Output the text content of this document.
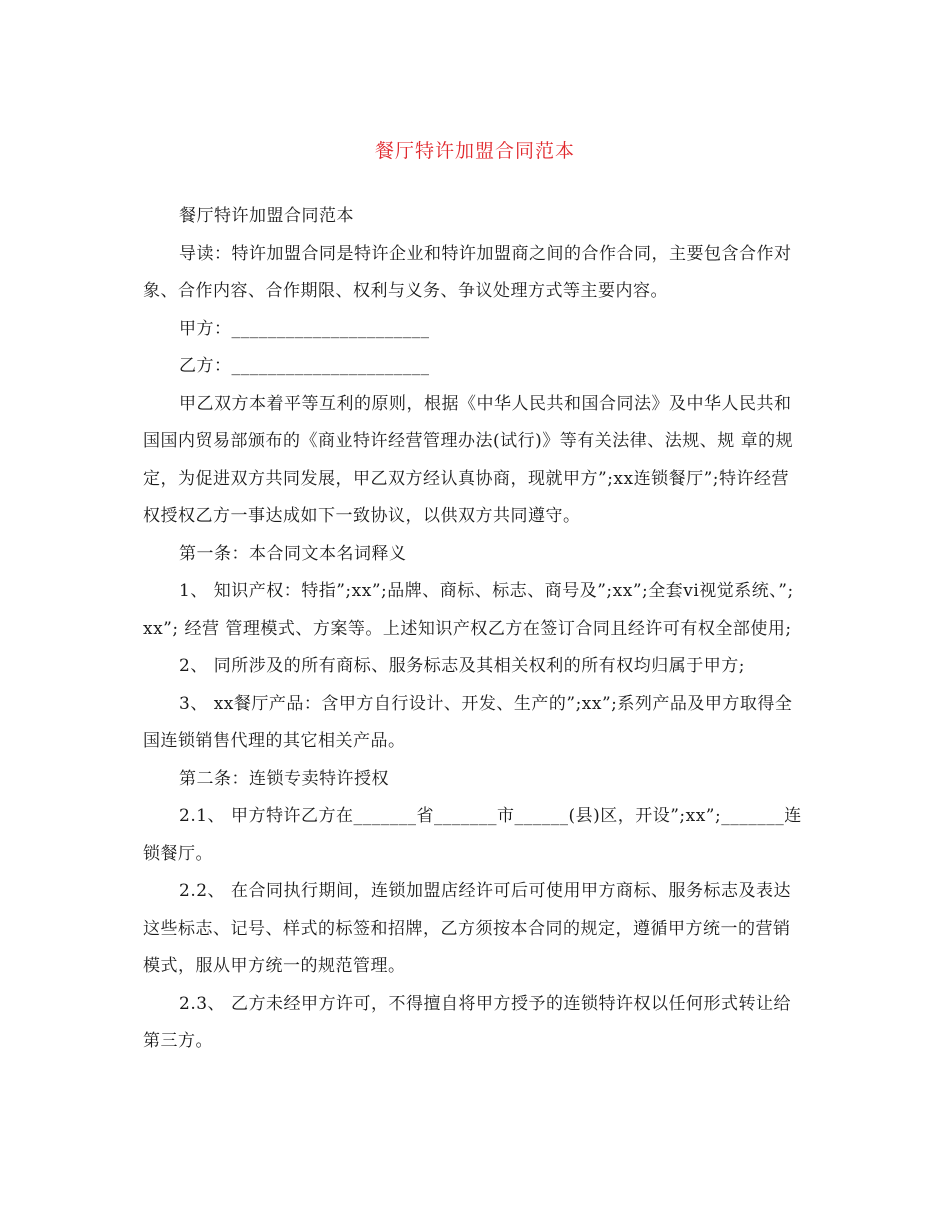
餐厅特许加盟合同范本

餐厅特许加盟合同范本

导读：特许加盟合同是特许企业和特许加盟商之间的合作合同，主要包含合作对象、合作内容、合作期限、权利与义务、争议处理方式等主要内容。

甲方：______________________

乙方：______________________

甲乙双方本着平等互利的原则，根据《中华人民共和国合同法》及中华人民共和国国内贸易部颁布的《商业特许经营管理办法(试行)》等有关法律、法规、规 章的规定，为促进双方共同发展，甲乙双方经认真协商，现就甲方”;xx连锁餐厅”;特许经营权授权乙方一事达成如下一致协议，以供双方共同遵守。

第一条：本合同文本名词释义

1、 知识产权：特指”;xx”;品牌、商标、标志、商号及”;xx”;全套vi视觉系统、”;xx”; 经营 管理模式、方案等。上述知识产权乙方在签订合同且经许可有权全部使用;

2、 同所涉及的所有商标、服务标志及其相关权利的所有权均归属于甲方;

3、 xx餐厅产品：含甲方自行设计、开发、生产的”;xx”;系列产品及甲方取得全国连锁销售代理的其它相关产品。

第二条：连锁专卖特许授权

2.1、 甲方特许乙方在_______省_______市______(县)区，开设”;xx”;_______连锁餐厅。

2.2、 在合同执行期间，连锁加盟店经许可后可使用甲方商标、服务标志及表达这些标志、记号、样式的标签和招牌，乙方须按本合同的规定，遵循甲方统一的营销模式，服从甲方统一的规范管理。

2.3、 乙方未经甲方许可，不得擅自将甲方授予的连锁特许权以任何形式转让给第三方。
